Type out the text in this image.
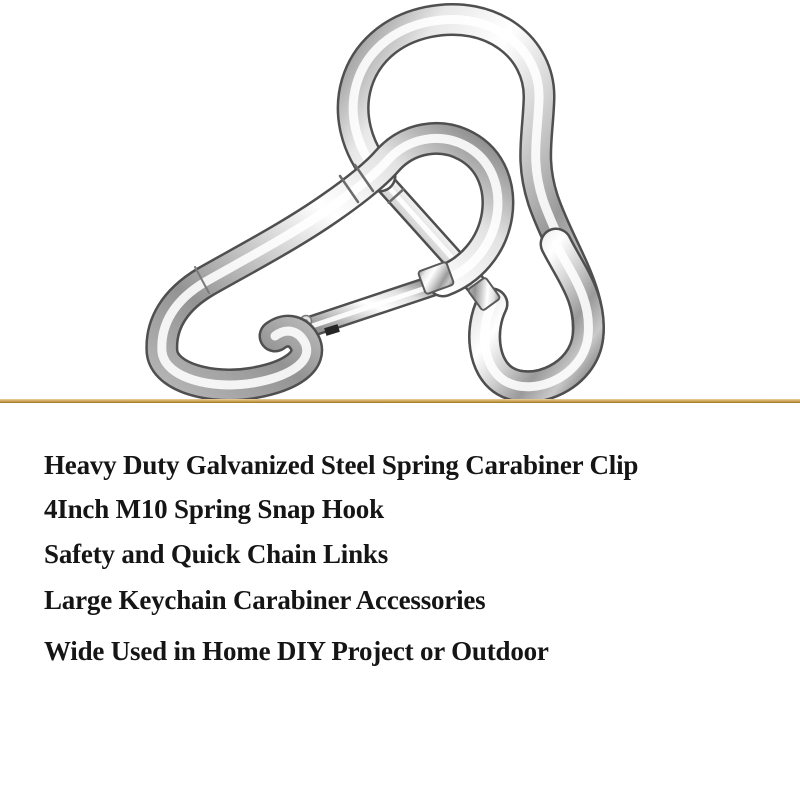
Heavy Duty Galvanized Steel Spring Carabiner Clip
4Inch M10 Spring Snap Hook
Safety and Quick Chain Links
Large Keychain Carabiner Accessories
Wide Used in Home DIY Project or Outdoor
